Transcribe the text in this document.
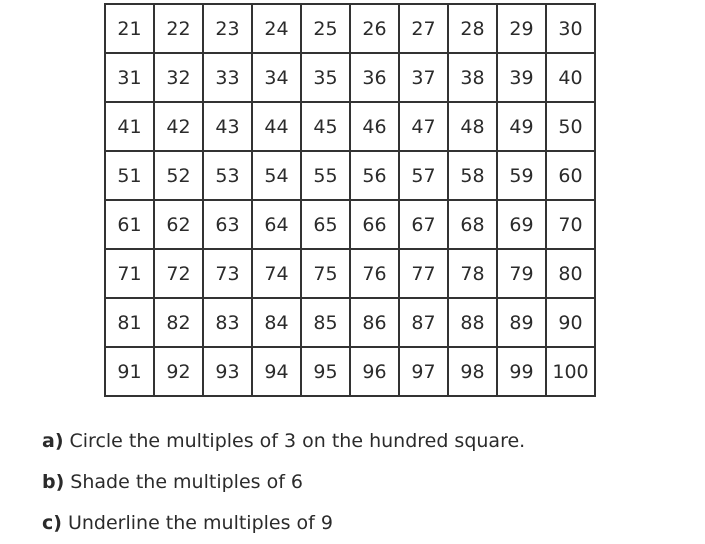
21	22	23	24	25	26	27	28	29	30
31	32	33	34	35	36	37	38	39	40
41	42	43	44	45	46	47	48	49	50
51	52	53	54	55	56	57	58	59	60
61	62	63	64	65	66	67	68	69	70
71	72	73	74	75	76	77	78	79	80
81	82	83	84	85	86	87	88	89	90
91	92	93	94	95	96	97	98	99	100
a) Circle the multiples of 3 on the hundred square.
b) Shade the multiples of 6
c) Underline the multiples of 9
